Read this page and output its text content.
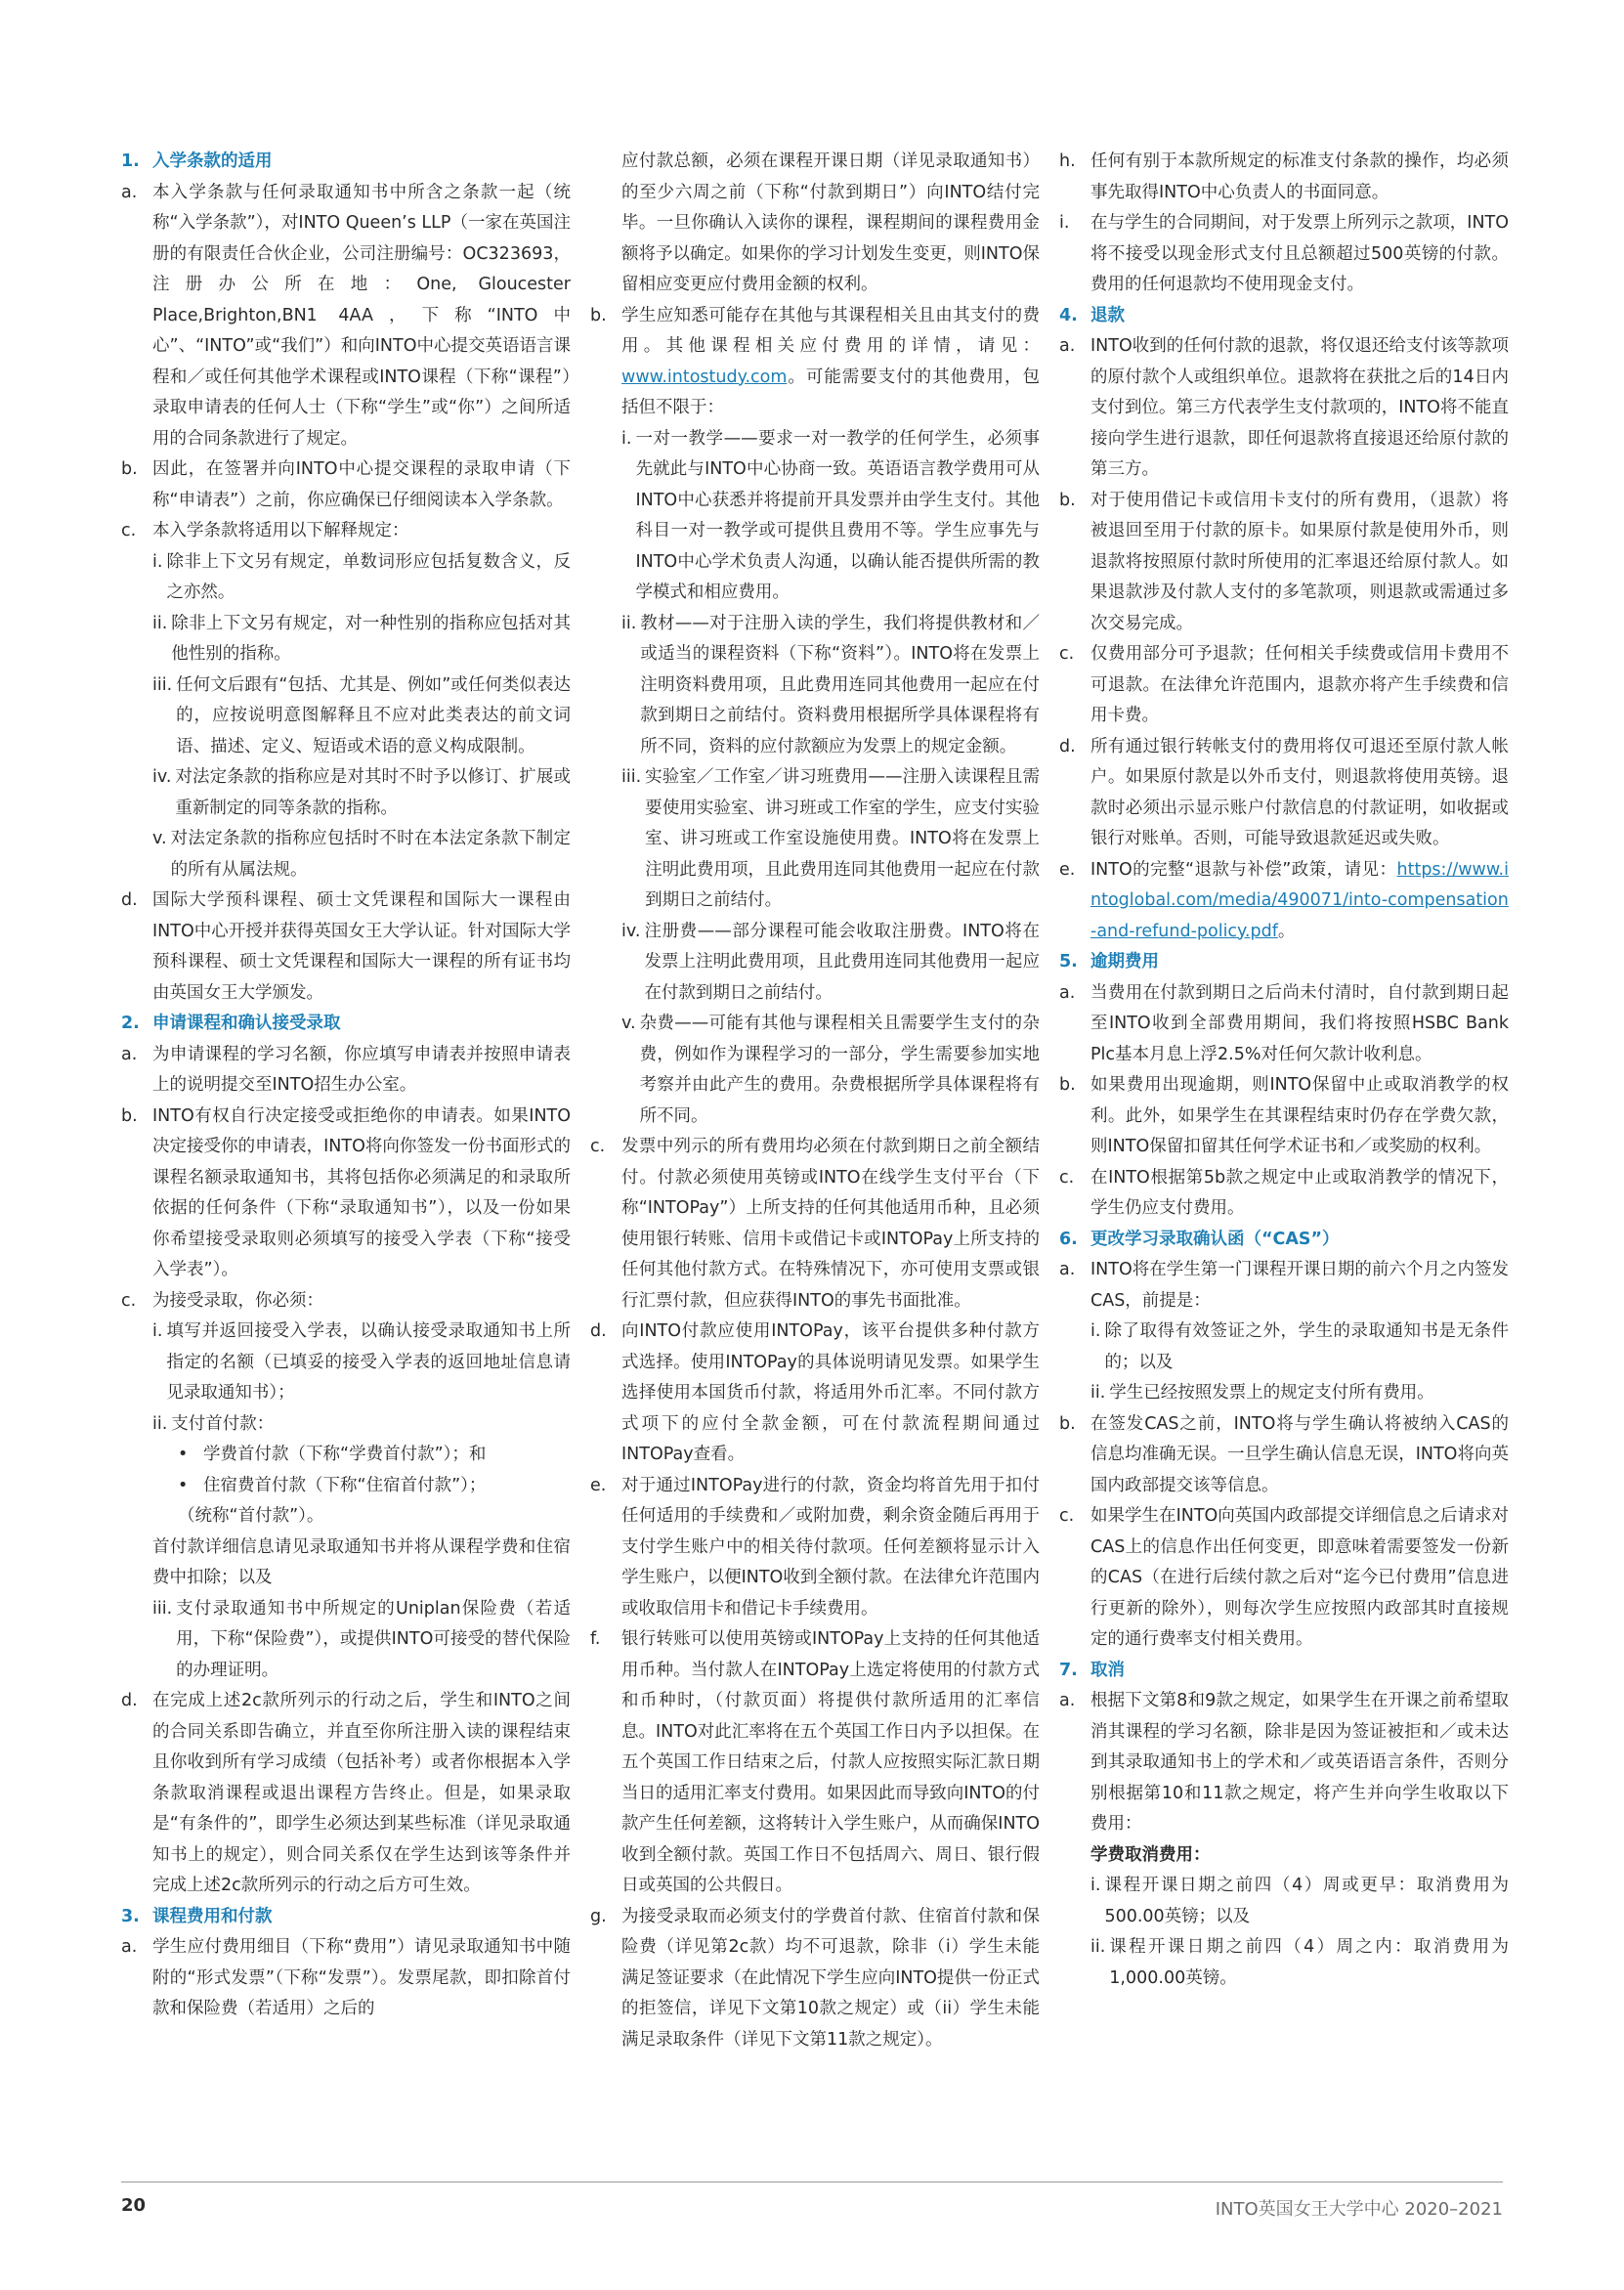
1. 入学条款的适用
a. 本入学条款与任何录取通知书中所含之条款一起（统称“入学条款”），对INTO Queen’s LLP（一家在英国注册的有限责任合伙企业，公司注册编号：OC323693，注册办公所在地：One, Gloucester Place,Brighton,BN1 4AA，下称“INTO中心”、“INTO”或“我们”）和向INTO中心提交英语语言课程和／或任何其他学术课程或INTO课程（下称“课程”）录取申请表的任何人士（下称“学生”或“你”）之间所适用的合同条款进行了规定。
b. 因此，在签署并向INTO中心提交课程的录取申请（下称“申请表”）之前，你应确保已仔细阅读本入学条款。
c. 本入学条款将适用以下解释规定：
i. 除非上下文另有规定，单数词形应包括复数含义，反之亦然。
ii. 除非上下文另有规定，对一种性别的指称应包括对其他性别的指称。
iii. 任何文后跟有“包括、尤其是、例如”或任何类似表达的，应按说明意图解释且不应对此类表达的前文词语、描述、定义、短语或术语的意义构成限制。
iv. 对法定条款的指称应是对其时不时予以修订、扩展或重新制定的同等条款的指称。
v. 对法定条款的指称应包括时不时在本法定条款下制定的所有从属法规。
d. 国际大学预科课程、硕士文凭课程和国际大一课程由INTO中心开授并获得英国女王大学认证。针对国际大学预科课程、硕士文凭课程和国际大一课程的所有证书均由英国女王大学颁发。
2. 申请课程和确认接受录取
a. 为申请课程的学习名额，你应填写申请表并按照申请表上的说明提交至INTO招生办公室。
b. INTO有权自行决定接受或拒绝你的申请表。如果INTO决定接受你的申请表，INTO将向你签发一份书面形式的课程名额录取通知书，其将包括你必须满足的和录取所依据的任何条件（下称“录取通知书”），以及一份如果你希望接受录取则必须填写的接受入学表（下称“接受入学表”）。
c. 为接受录取，你必须：
i. 填写并返回接受入学表，以确认接受录取通知书上所指定的名额（已填妥的接受入学表的返回地址信息请见录取通知书）；
ii. 支付首付款：
• 学费首付款（下称“学费首付款”）；和
• 住宿费首付款（下称“住宿首付款”）；
（统称“首付款”）。
首付款详细信息请见录取通知书并将从课程学费和住宿费中扣除；以及
iii. 支付录取通知书中所规定的Uniplan保险费（若适用，下称“保险费”），或提供INTO可接受的替代保险的办理证明。
d. 在完成上述2c款所列示的行动之后，学生和INTO之间的合同关系即告确立，并直至你所注册入读的课程结束且你收到所有学习成绩（包括补考）或者你根据本入学条款取消课程或退出课程方告终止。但是，如果录取是“有条件的”，即学生必须达到某些标准（详见录取通知书上的规定），则合同关系仅在学生达到该等条件并完成上述2c款所列示的行动之后方可生效。
3. 课程费用和付款
a. 学生应付费用细目（下称“费用”）请见录取通知书中随附的“形式发票”（下称“发票”）。发票尾款，即扣除首付款和保险费（若适用）之后的
应付款总额，必须在课程开课日期（详见录取通知书）的至少六周之前（下称“付款到期日”）向INTO结付完毕。一旦你确认入读你的课程，课程期间的课程费用金额将予以确定。如果你的学习计划发生变更，则INTO保留相应变更应付费用金额的权利。
b. 学生应知悉可能存在其他与其课程相关且由其支付的费用。其他课程相关应付费用的详情，请见：www.intostudy.com。可能需要支付的其他费用，包括但不限于：
i. 一对一教学——要求一对一教学的任何学生，必须事先就此与INTO中心协商一致。英语语言教学费用可从INTO中心获悉并将提前开具发票并由学生支付。其他科目一对一教学或可提供且费用不等。学生应事先与INTO中心学术负责人沟通，以确认能否提供所需的教学模式和相应费用。
ii. 教材——对于注册入读的学生，我们将提供教材和／或适当的课程资料（下称“资料”）。INTO将在发票上注明资料费用项，且此费用连同其他费用一起应在付款到期日之前结付。资料费用根据所学具体课程将有所不同，资料的应付款额应为发票上的规定金额。
iii. 实验室／工作室／讲习班费用——注册入读课程且需要使用实验室、讲习班或工作室的学生，应支付实验室、讲习班或工作室设施使用费。INTO将在发票上注明此费用项，且此费用连同其他费用一起应在付款到期日之前结付。
iv. 注册费——部分课程可能会收取注册费。INTO将在发票上注明此费用项，且此费用连同其他费用一起应在付款到期日之前结付。
v. 杂费——可能有其他与课程相关且需要学生支付的杂费，例如作为课程学习的一部分，学生需要参加实地考察并由此产生的费用。杂费根据所学具体课程将有所不同。
c. 发票中列示的所有费用均必须在付款到期日之前全额结付。付款必须使用英镑或INTO在线学生支付平台（下称“INTOPay”）上所支持的任何其他适用币种，且必须使用银行转账、信用卡或借记卡或INTOPay上所支持的任何其他付款方式。在特殊情况下，亦可使用支票或银行汇票付款，但应获得INTO的事先书面批准。
d. 向INTO付款应使用INTOPay，该平台提供多种付款方式选择。使用INTOPay的具体说明请见发票。如果学生选择使用本国货币付款，将适用外币汇率。不同付款方式项下的应付全款金额，可在付款流程期间通过INTOPay查看。
e. 对于通过INTOPay进行的付款，资金均将首先用于扣付任何适用的手续费和／或附加费，剩余资金随后再用于支付学生账户中的相关待付款项。任何差额将显示计入学生账户，以便INTO收到全额付款。在法律允许范围内或收取信用卡和借记卡手续费用。
f.	银行转账可以使用英镑或INTOPay上支持的任何其他适用币种。当付款人在INTOPay上选定将使用的付款方式和币种时，（付款页面）将提供付款所适用的汇率信息。INTO对此汇率将在五个英国工作日内予以担保。在五个英国工作日结束之后，付款人应按照实际汇款日期当日的适用汇率支付费用。如果因此而导致向INTO的付款产生任何差额，这将转计入学生账户，从而确保INTO收到全额付款。英国工作日不包括周六、周日、银行假日或英国的公共假日。
g. 为接受录取而必须支付的学费首付款、住宿首付款和保险费（详见第2c款）均不可退款，除非（i）学生未能满足签证要求（在此情况下学生应向INTO提供一份正式的拒签信，详见下文第10款之规定）或（ii）学生未能满足录取条件（详见下文第11款之规定）。
h. 任何有别于本款所规定的标准支付条款的操作，均必须事先取得INTO中心负责人的书面同意。
i.	在与学生的合同期间，对于发票上所列示之款项，INTO将不接受以现金形式支付且总额超过500英镑的付款。费用的任何退款均不使用现金支付。
4. 退款
a. INTO收到的任何付款的退款，将仅退还给支付该等款项的原付款个人或组织单位。退款将在获批之后的14日内支付到位。第三方代表学生支付款项的，INTO将不能直接向学生进行退款，即任何退款将直接退还给原付款的第三方。
b. 对于使用借记卡或信用卡支付的所有费用，（退款）将被退回至用于付款的原卡。如果原付款是使用外币，则退款将按照原付款时所使用的汇率退还给原付款人。如果退款涉及付款人支付的多笔款项，则退款或需通过多次交易完成。
c. 仅费用部分可予退款；任何相关手续费或信用卡费用不可退款。在法律允许范围内，退款亦将产生手续费和信用卡费。
d. 所有通过银行转帐支付的费用将仅可退还至原付款人帐户。如果原付款是以外币支付，则退款将使用英镑。退款时必须出示显示账户付款信息的付款证明，如收据或银行对账单。否则，可能导致退款延迟或失败。
e. INTO的完整“退款与补偿”政策，请见：https://www.intoglobal.com/media/490071/into-compensation-and-refund-policy.pdf。
5. 逾期费用
a. 当费用在付款到期日之后尚未付清时，自付款到期日起至INTO收到全部费用期间，我们将按照HSBC Bank Plc基本月息上浮2.5%对任何欠款计收利息。
b. 如果费用出现逾期，则INTO保留中止或取消教学的权利。此外，如果学生在其课程结束时仍存在学费欠款，则INTO保留扣留其任何学术证书和／或奖励的权利。
c. 在INTO根据第5b款之规定中止或取消教学的情况下，学生仍应支付费用。
6. 更改学习录取确认函（“CAS”）
a. INTO将在学生第一门课程开课日期的前六个月之内签发CAS，前提是：
i. 除了取得有效签证之外，学生的录取通知书是无条件的；以及
ii. 学生已经按照发票上的规定支付所有费用。
b. 在签发CAS之前，INTO将与学生确认将被纳入CAS的信息均准确无误。一旦学生确认信息无误，INTO将向英国内政部提交该等信息。
c. 如果学生在INTO向英国内政部提交详细信息之后请求对CAS上的信息作出任何变更，即意味着需要签发一份新的CAS（在进行后续付款之后对“迄今已付费用”信息进行更新的除外），则每次学生应按照内政部其时直接规定的通行费率支付相关费用。
7. 取消
a. 根据下文第8和9款之规定，如果学生在开课之前希望取消其课程的学习名额，除非是因为签证被拒和／或未达到其录取通知书上的学术和／或英语语言条件，否则分别根据第10和11款之规定，将产生并向学生收取以下费用：
学费取消费用：
i. 课程开课日期之前四（4）周或更早：取消费用为500.00英镑；以及
ii. 课程开课日期之前四（4）周之内：取消费用为1,000.00英镑。
20	INTO英国女王大学中心 2020–2021
